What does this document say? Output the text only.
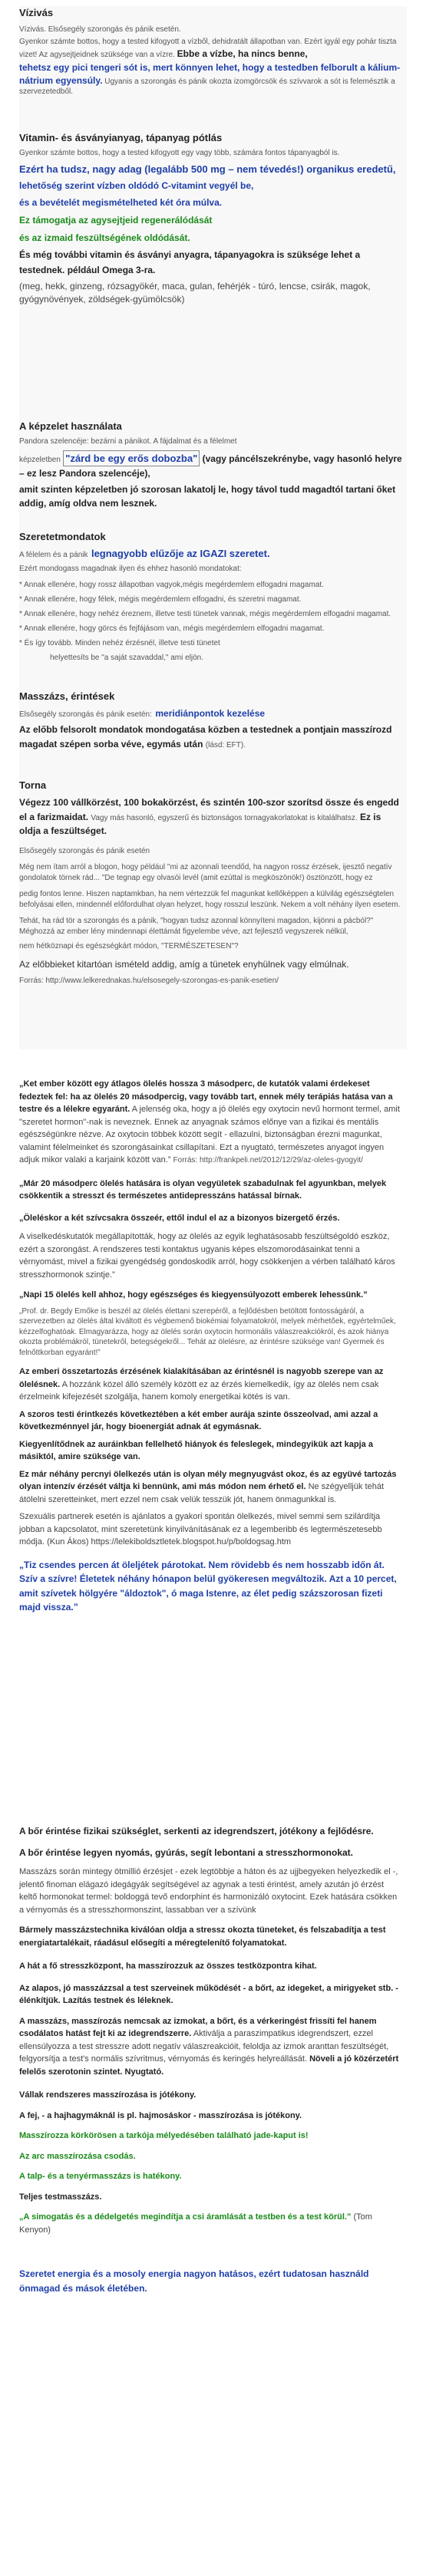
Vízivás
Vízivás. Elsősegély szorongás és pánik esetén.
Gyenkor számte bottos, hogy a tested kifogyott a vízből, dehidratált állapotban van. Ezért igyál egy pohár tiszta vizet! Az agysejtjeidnek szüksége van a vízre. Ebbe a vízbe, ha nincs benne,
tehetsz egy pici tengeri sót is, mert könnyen lehet, hogy a testedben felborult a kálium-nátrium egyensúly. Ugyanis a szorongás és pánik okozta izomgörcsök és szívvarok a sót is felemésztik a szervezetedből.
Vitamin- és ásványianyag, tápanyag pótlás
Gyenkor számte bottos, hogy a tested kifogyott egy vagy több, számára fontos tápanyagból is.
Ezért ha tudsz, nagy adag (legalább 500 mg – nem tévedés!) organikus eredetű,
lehetőség szerint vízben oldódó C-vitamint vegyél be,
és a bevételét megismételheted két óra múlva.
Ez támogatja az agysejtjeid regenerálódását
és az izmaid feszültségének oldódását.
És még további vitamin és ásványi anyagra, tápanyagokra is szüksége lehet a testednek. például Omega 3-ra.
(meg, hekk, ginzeng, rózsagyökér, maca, gulan, fehérjék - túró, lencse, csirák, magok, gyógynövények, zöldségek-gyümölcsök)
A képzelet használata
Pandora szelencéje: bezárni a pánikot. A fájdalmat és a félelmet
képzeletben "zárd be egy erős dobozba" (vagy páncélszekrénybe, vagy hasonló helyre – ez lesz Pandora szelencéje),
amit szinten képzeletben jó szorosan lakatolj le, hogy távol tudd magadtól tartani őket addig, amíg oldva nem lesznek.
Szeretetmondatok
A félelem és a pánik legnagyobb elűzője az IGAZI szeretet.
Ezért mondogass magadnak ilyen és ehhez hasonló mondatokat:
* Annak ellenére, hogy rossz állapotban vagyok,mégis megérdemlem elfogadni magamat.
* Annak ellenére, hogy félek, mégis megérdemlem elfogadni, és szeretni magamat.
* Annak ellenére, hogy nehéz éreznem, illetve testi tünetek vannak, mégis megérdemlem elfogadni magamat.
* Annak ellenére, hogy görcs és fejfájásom van, mégis megérdemlem elfogadni magamat.
* És így tovább. Minden nehéz érzésnél, illetve testi tünetet
helyettesíts be "a saját szavaddal," ami eljön.
Masszázs, érintések
Elsősegély szorongás és pánik esetén: meridiánpontok kezelése
Az előbb felsorolt mondatok mondogatása közben a testednek a pontjain masszírozd magadat szépen sorba véve, egymás után (lásd: EFT).
Torna
Végezz 100 vállkörzést, 100 bokakörzést, és szintén 100-szor szorítsd össze és engedd el a farizmaidat. Vagy más hasonló, egyszerű és biztonságos tornagyakorlatokat is kitalálhatsz. Ez is oldja a feszültséget.
Elsősegély szorongás és pánik esetén
Még nem ítam arról a blogon, hogy például "mi az azonnali teendőd, ha nagyon rossz érzések, ijesztő negatív gondolatok törnek rád... "De tegnap egy olvasói levél (amit ezúttal is megköszönök!) ösztönzött, hogy ez
pedig fontos lenne. Hiszen naptamkban, ha nem vértezzük fel magunkat kellőképpen a külvilág egészségtelen befolyásai ellen, mindennél előfordulhat olyan helyzet, hogy rosszul leszünk. Nekem a volt néhány ilyen esetem.
Tehát, ha rád tör a szorongás és a pánik, "hogyan tudsz azonnal könnyíteni magadon, kijönni a pácból?" Méghozzá az ember lény mindennapi élettámát figyelembe véve, azt fejlesztő vegyszerek nélkül,
nem hétköznapi és egészségkárt módon, "TERMÉSZETESEN"?
Az előbbieket kitartóan ismételd addig, amíg a tünetek enyhülnek vagy elmúlnak.
Forrás: http://www.lelkerednakas.hu/elsosegely-szorongas-es-panik-esetien/
„Ket ember között egy átlagos ölelés hossza 3 másodperc, de kutatók valami érdekeset fedeztek fel: ha az ölelés 20 másodpercig, vagy tovább tart, ennek mély terápiás hatása van a testre és a lélekre egyaránt. A jelenség oka, hogy a jó ölelés egy oxytocin nevű hormont termel, amit "szeretet hormon"-nak is neveznek. Ennek az anyagnak számos előnye van a fizikai és mentális egészségünkre nézve. Az oxytocin többek között segít - ellazulni, biztonságban érezni magunkat, valamint félelmeinket és szorongásainkat csillapítani. Ezt a nyugtató, természetes anyagot ingyen adjuk mikor valaki a karjaink között van.” Forrás: http://frankpeli.net/2012/12/29/az-oleles-gyogyit/
„Már 20 másodperc ölelés hatására is olyan vegyületek szabadulnak fel agyunkban, melyek csökkentik a stresszt és természetes antidepresszáns hatással bírnak.
„Öleléskor a két szívcsakra összeér, ettől indul el az a bizonyos bizergető érzés.
A viselkedéskutatók megállapították, hogy az ölelés az egyik leghatásosabb feszültségoldó eszköz, ezért a szorongást. A rendszeres testi kontaktus ugyanis képes elszomorodásainkat tenni a vérnyomást, mivel a fizikai gyengédség gondoskodik arról, hogy csökkenjen a vérben található káros stresszhormonok szintje.”
„Napi 15 ölelés kell ahhoz, hogy egészséges és kiegyensúlyozott emberek lehessünk.”
„Prof. dr. Begdy Emőke is beszél az ölelés élettani szerepéről, a fejlődésben betöltött fontosságáról, a szervezetben az ölelés által kiváltott és végbemenő biokémiai folyamatokról, melyek mérhetőek, egyértelműek, kézzelfoghatóak. Elmagyarázza, hogy az ölelés során oxytocin hormonális válaszreakciókról, és azok hiánya okozta problémákról, tünetekről, betegségekről... Tehát az ölelésre, az érintésre szüksége van! Gyermek és felnőttkorban egyaránt!”
Az emberi összetartozás érzésének kialakításában az érintésnél is nagyobb szerepe van az ölelésnek. A hozzánk közel álló személy között ez az érzés kiemelkedik, így az ölelés nem csak érzelmeink kifejezését szolgálja, hanem komoly energetikai kötés is van.
A szoros testi érintkezés következtében a két ember aurája szinte összeolvad, ami azzal a következménnyel jár, hogy bioenergiát adnak át egymásnak.
Kiegyenlítődnek az auráinkban fellelhető hiányok és feleslegek, mindegyikük azt kapja a másiktól, amire szüksége van.
Ez már néhány percnyi ölelkezés után is olyan mély megnyugvást okoz, és az együvé tartozás olyan intenzív érzését váltja ki bennünk, ami más módon nem érhető el. Ne szégyelljük tehát átölelni szeretteinket, mert ezzel nem csak velük tesszük jót, hanem önmagunkkal is.
Szexuális partnerek esetén is ajánlatos a gyakori spontán ölelkezés, mivel semmi sem szilárdítja jobban a kapcsolatot, mint szeretetünk kinyilvánításának ez a legemberibb és legtermészetesebb módja. (Kun Ákos) https://lelekiboldsztletek.blogspot.hu/p/boldogsag.htm
„Tiz csendes percen át öleljétek párotokat. Nem rövidebb és nem hosszabb időn át. Szív a szívre! Életetek néhány hónapon belül gyökeresen megváltozik. Azt a 10 percet, amit szívetek hölgyére "áldoztok", ó maga Istenre, az élet pedig százszorosan fizeti majd vissza.”
A bőr érintése fizikai szükséglet, serkenti az idegrendszert, jótékony a fejlődésre.
A bőr érintése legyen nyomás, gyúrás, segít lebontani a stresszhormonokat.
Masszázs során mintegy ötmillió érzésjet - ezek legtöbbje a háton és az ujjbegyeken helyezkedik el -, jelentő finoman elágazó idegágyák segítségével az agynak a testi érintést, amely azután jó érzést keltő hormonokat termel: boldoggá tevő endorphint és harmonizáló oxytocint. Ezek hatására csökken a vérnyomás és a stresszhormonszint, lassabban ver a szívünk
Bármely masszázstechnika kiválóan oldja a stressz okozta tüneteket, és felszabadítja a test energiatartalékait, ráadásul elősegíti a méregtelenítő folyamatokat.
A hát a fő stresszközpont, ha masszírozzuk az összes testközpontra kihat.
Az alapos, jó masszázzsal a test szerveinek működését - a bőrt, az idegeket, a mirigyeket stb. - élénkítjük. Lazítás testnek és léleknek.
A masszázs, masszírozás nemcsak az izmokat, a bőrt, és a vérkeringést frissíti fel hanem csodálatos hatást fejt ki az idegrendszerre. Aktiválja a paraszimpatikus idegrendszert, ezzel ellensúlyozza a test stresszre adott negatív válaszreakcióit, feloldja az izmok aranttan feszültségét, felgyorsítja a test's normális szívritmus, vérnyomás és keringés helyreállását. Növeli a jó közérzetért felelős szerotonin szintet. Nyugtató.
Vállak rendszeres masszírozása is jótékony.
A fej, - a hajhagymáknál is pl. hajmosáskor - masszírozása is jótékony.
Masszírozza körkörösen a tarkója mélyedésében található jade-kaput is!
Az arc masszírozása csodás.
A talp- és a tenyérmasszázs is hatékony.
Teljes testmasszázs.
„A simogatás és a dédelgetés megindítja a csi áramlását a testben és a test körül.” (Tom Kenyon)
Szeretet energia és a mosoly energia nagyon hatásos, ezért tudatosan használd önmagad és mások életében.
